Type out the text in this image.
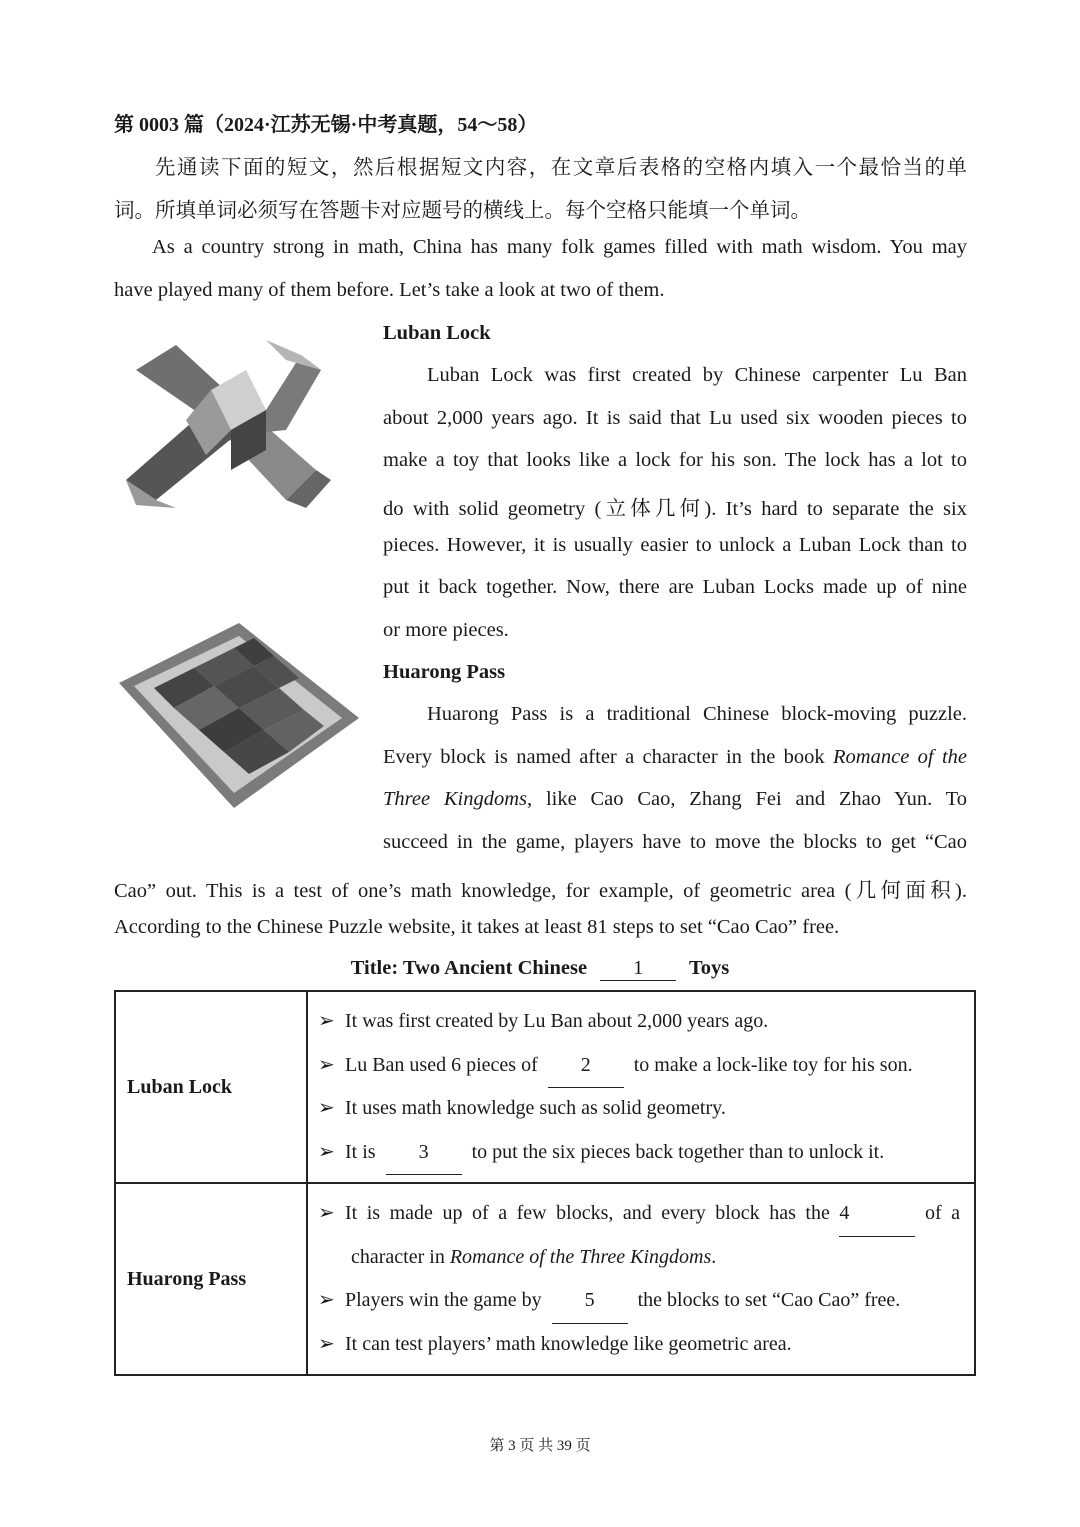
第 0003 篇（2024·江苏无锡·中考真题，54～58）
先通读下面的短文，然后根据短文内容，在文章后表格的空格内填入一个最恰当的单
词。所填单词必须写在答题卡对应题号的横线上。每个空格只能填一个单词。
As a country strong in math, China has many folk games filled with math wisdom. You may
have played many of them before. Let’s take a look at two of them.
Luban Lock
Luban Lock was first created by Chinese carpenter Lu Ban
about 2,000 years ago. It is said that Lu used six wooden pieces to
make a toy that looks like a lock for his son. The lock has a lot to
do with solid geometry (立体几何). It’s hard to separate the six
pieces. However, it is usually easier to unlock a Luban Lock than to
put it back together. Now, there are Luban Locks made up of nine
or more pieces.
Huarong Pass
Huarong Pass is a traditional Chinese block-moving puzzle.
Every block is named after a character in the book Romance of the
Three Kingdoms, like Cao Cao, Zhang Fei and Zhao Yun. To
succeed in the game, players have to move the blocks to get “Cao
Cao” out. This is a test of one’s math knowledge, for example, of geometric area (几何面积).
According to the Chinese Puzzle website, it takes at least 81 steps to set “Cao Cao” free.
Title: Two Ancient Chinese 1 Toys
Luban Lock	➢ It was first created by Lu Ban about 2,000 years ago.
➢ Lu Ban used 6 pieces of 2 to make a lock-like toy for his son.
➢ It uses math knowledge such as solid geometry.
➢ It is 3 to put the six pieces back together than to unlock it.

Huarong Pass	➢ It is made up of a few blocks, and every block has the 4 of a
character in Romance of the Three Kingdoms.
➢ Players win the game by 5 the blocks to set “Cao Cao” free.
➢ It can test players’ math knowledge like geometric area.
第 3 页 共 39 页
